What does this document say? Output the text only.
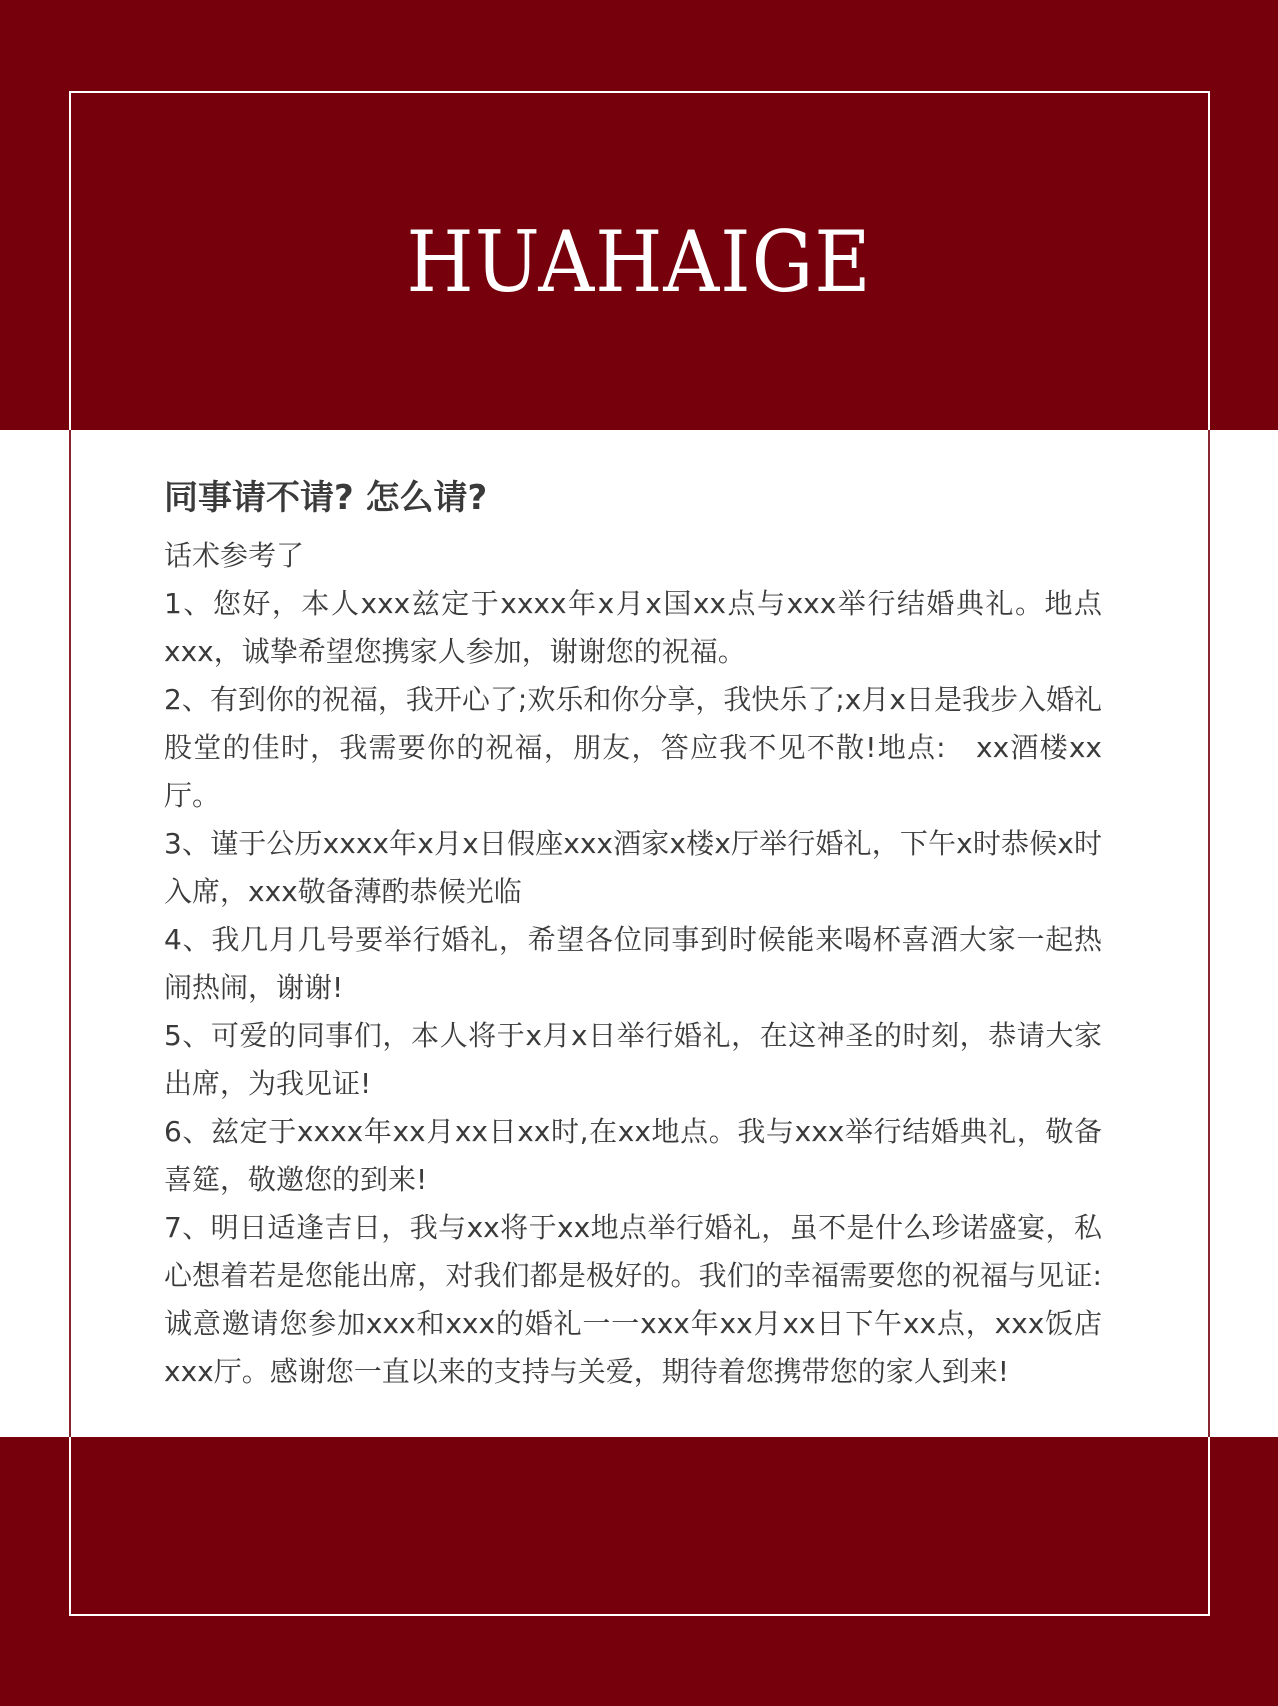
HUAHAIGE
同事请不请? 怎么请?
话术参考了
1、您好，本人xxx兹定于xxxx年x月x国xx点与xxx举行结婚典礼。地点xxx，诚挚希望您携家人参加，谢谢您的祝福。
2、有到你的祝福，我开心了;欢乐和你分享，我快乐了;x月x日是我步入婚礼股堂的佳时，我需要你的祝福，朋友，答应我不见不散!地点:　xx酒楼xx厅。
3、谨于公历xxxx年x月x日假座xxx酒家x楼x厅举行婚礼，下午x时恭候x时入席，xxx敬备薄酌恭候光临
4、我几月几号要举行婚礼，希望各位同事到时候能来喝杯喜酒大家一起热闹热闹，谢谢!
5、可爱的同事们，本人将于x月x日举行婚礼，在这神圣的时刻，恭请大家出席，为我见证!
6、兹定于xxxx年xx月xx日xx时,在xx地点。我与xxx举行结婚典礼，敬备喜筵，敬邀您的到来!
7、明日适逢吉日，我与xx将于xx地点举行婚礼，虽不是什么珍诺盛宴，私心想着若是您能出席，对我们都是极好的。我们的幸福需要您的祝福与见证:诚意邀请您参加xxx和xxx的婚礼一一xxx年xx月xx日下午xx点，xxx饭店xxx厅。感谢您一直以来的支持与关爱，期待着您携带您的家人到来!
